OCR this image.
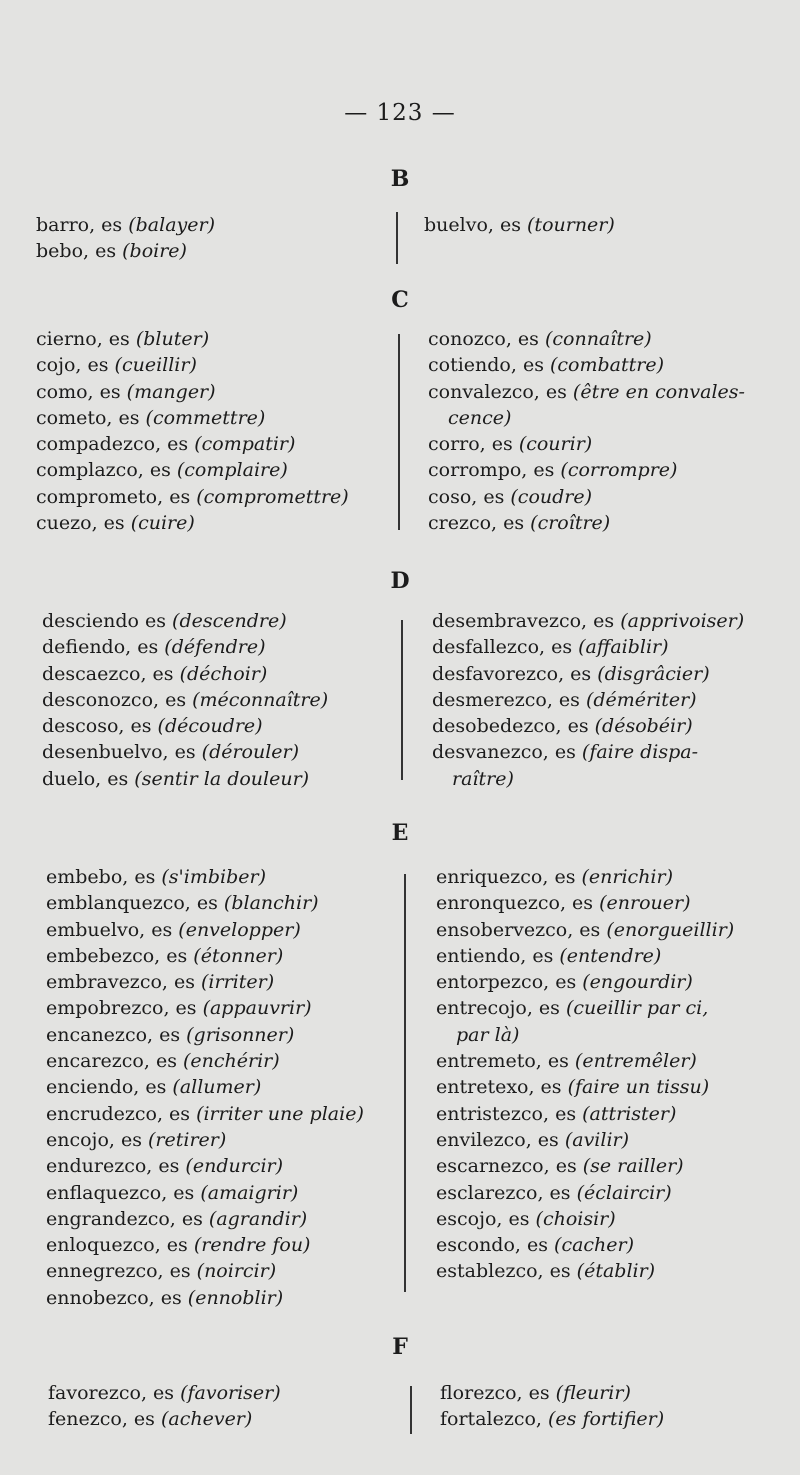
— 123 —
B
barro, es (balayer)
bebo, es (boire)
buelvo, es (tourner)
C
cierno, es (bluter)
cojo, es (cueillir)
como, es (manger)
cometo, es (commettre)
compadezco, es (compatir)
complazco, es (complaire)
comprometo, es (compromettre)
cuezo, es (cuire)
conozco, es (connaître)
cotiendo, es (combattre)
convalezco, es (être en convales-
cence)
corro, es (courir)
corrompo, es (corrompre)
coso, es (coudre)
crezco, es (croître)
D
desciendo es (descendre)
defiendo, es (défendre)
descaezco, es (déchoir)
desconozco, es (méconnaître)
descoso, es (découdre)
desenbuelvo, es (dérouler)
duelo, es (sentir la douleur)
desembravezco, es (apprivoiser)
desfallezco, es (affaiblir)
desfavorezco, es (disgrâcier)
desmerezco, es (démériter)
desobedezco, es (désobéir)
desvanezco, es (faire dispa-
raître)
E
embebo, es (s'imbiber)
emblanquezco, es (blanchir)
embuelvo, es (envelopper)
embebezco, es (étonner)
embravezco, es (irriter)
empobrezco, es (appauvrir)
encanezco, es (grisonner)
encarezco, es (enchérir)
enciendo, es (allumer)
encrudezco, es (irriter une plaie)
encojo, es (retirer)
endurezco, es (endurcir)
enflaquezco, es (amaigrir)
engrandezco, es (agrandir)
enloquezco, es (rendre fou)
ennegrezco, es (noircir)
ennobezco, es (ennoblir)
enriquezco, es (enrichir)
enronquezco, es (enrouer)
ensobervezco, es (enorgueillir)
entiendo, es (entendre)
entorpezco, es (engourdir)
entrecojo, es (cueillir par ci,
par là)
entremeto, es (entremêler)
entretexo, es (faire un tissu)
entristezco, es (attrister)
envilezco, es (avilir)
escarnezco, es (se railler)
esclarezco, es (éclaircir)
escojo, es (choisir)
escondo, es (cacher)
establezco, es (établir)
F
favorezco, es (favoriser)
fenezco, es (achever)
florezco, es (fleurir)
fortalezco, (es fortifier)
